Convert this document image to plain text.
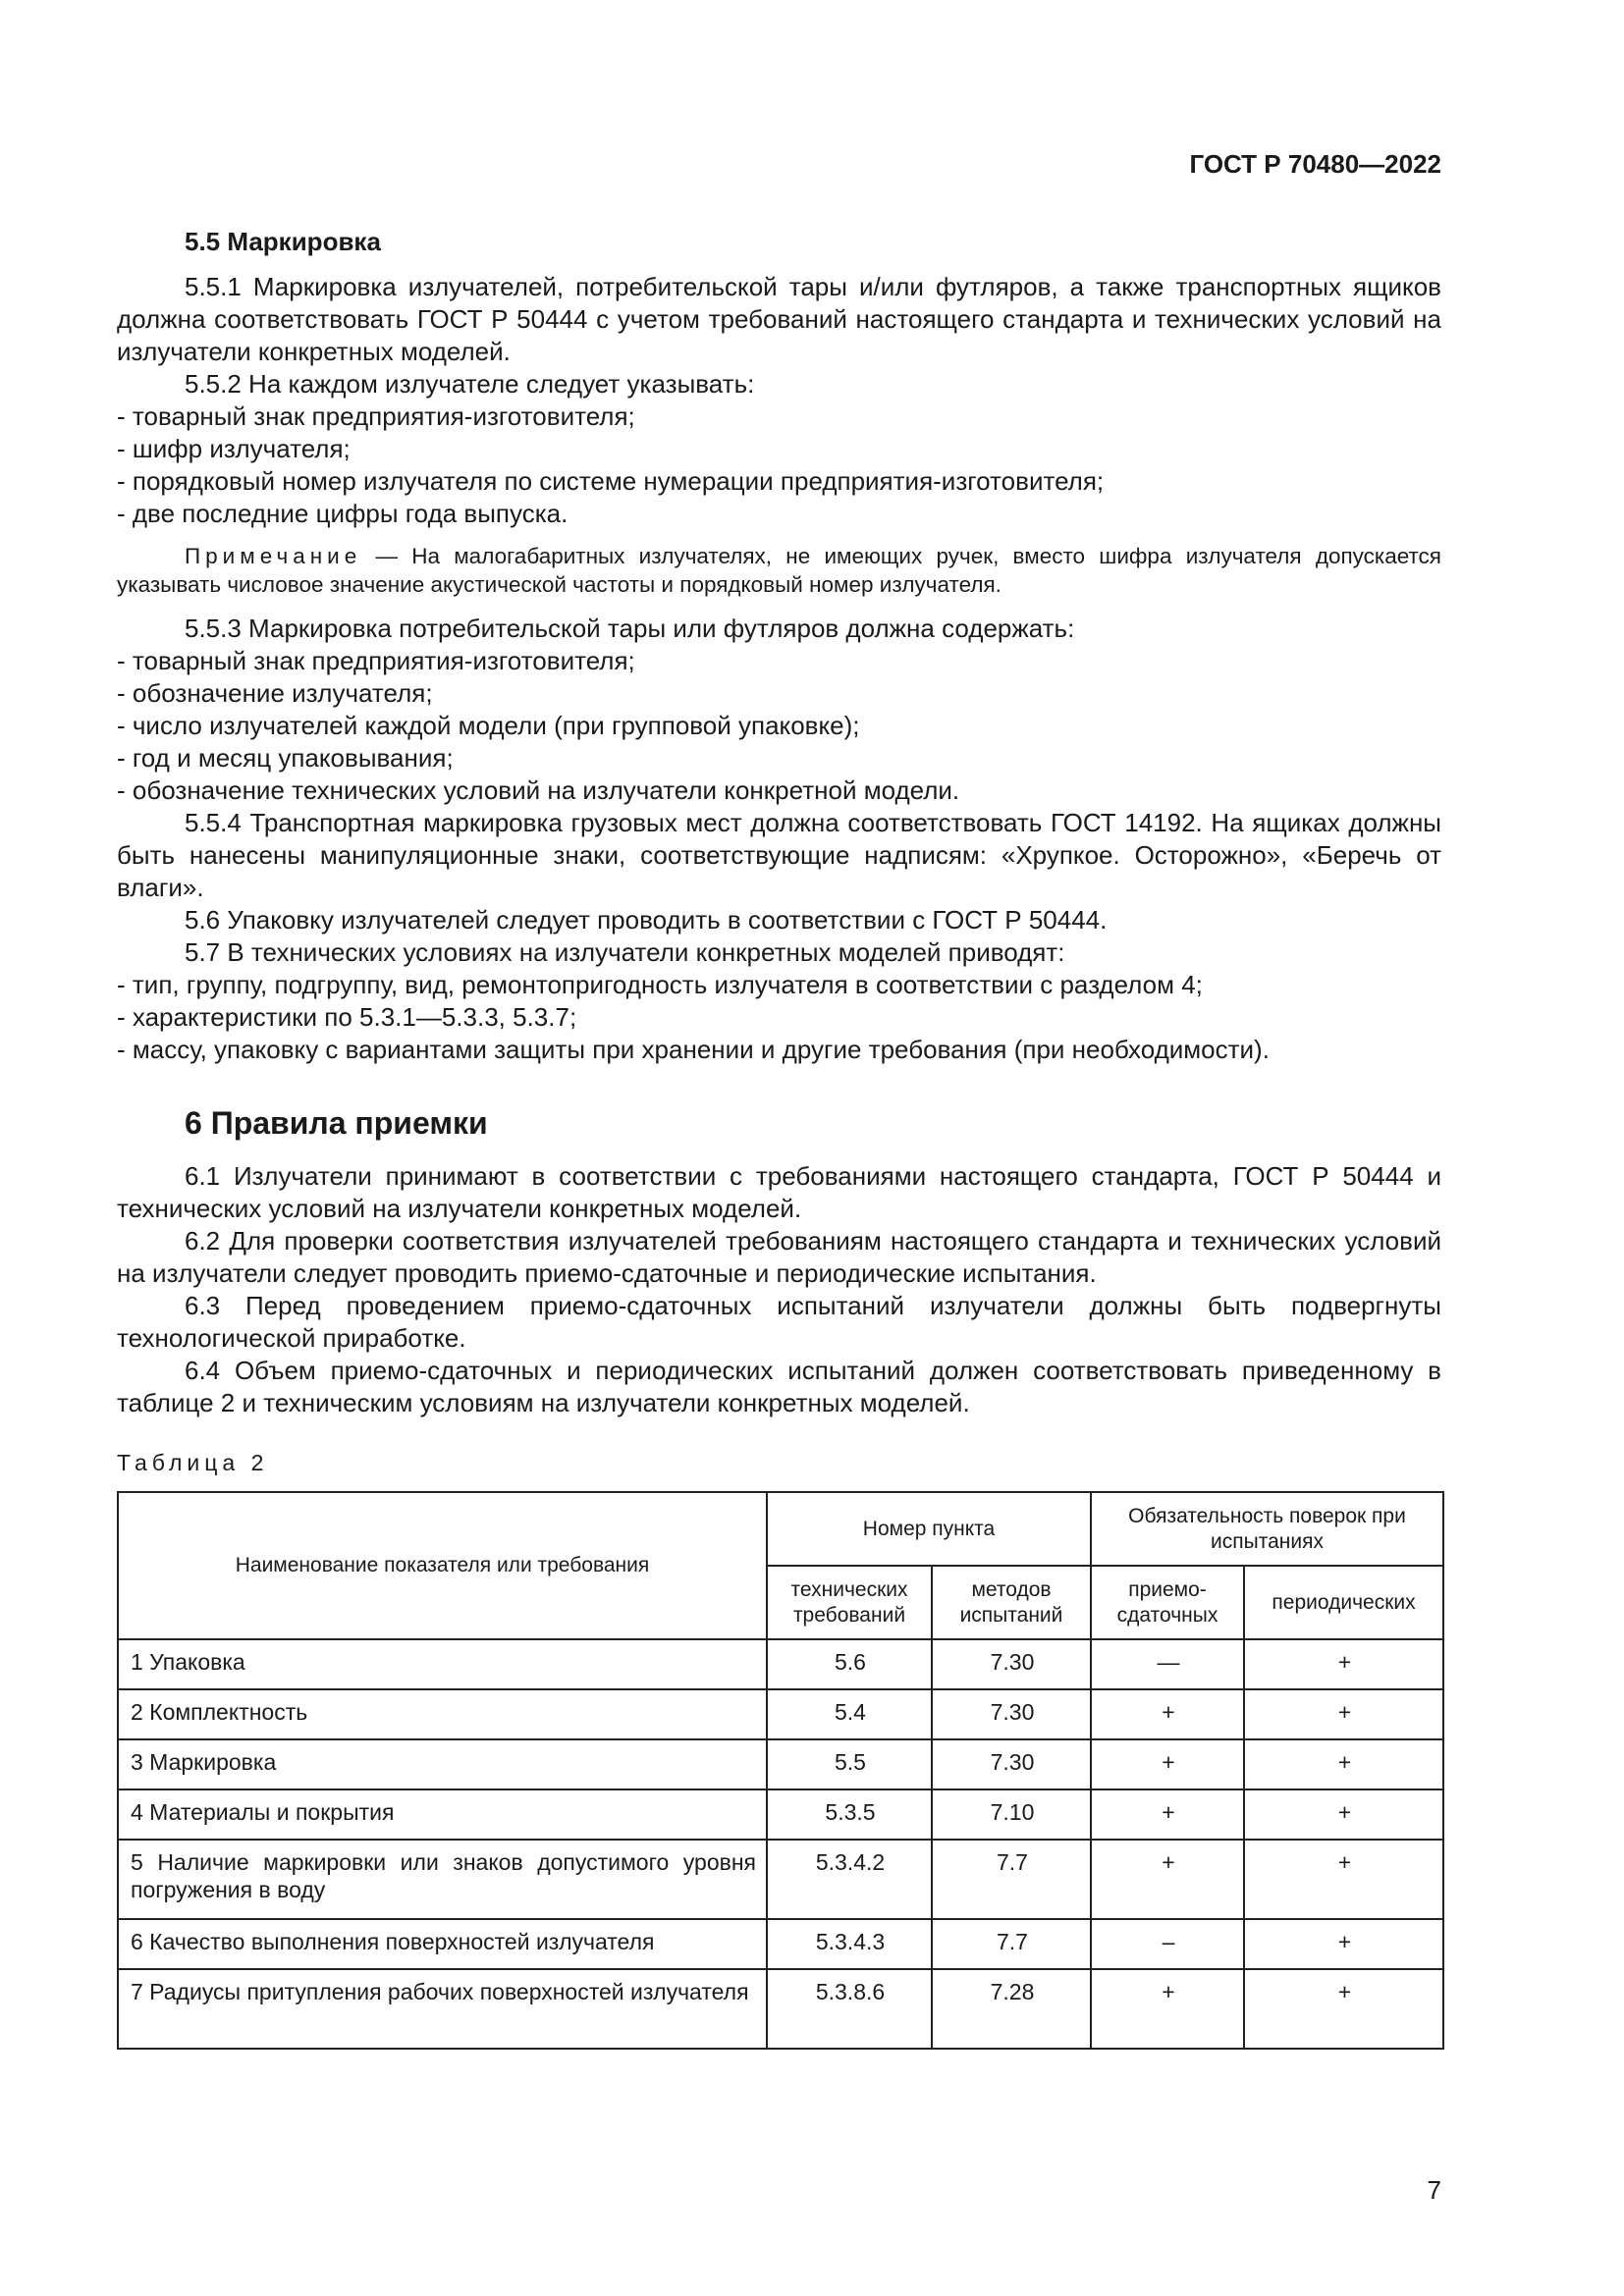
ГОСТ Р 70480—2022
5.5 Маркировка

5.5.1 Маркировка излучателей, потребительской тары и/или футляров, а также транспортных ящиков должна соответствовать ГОСТ Р 50444 с учетом требований настоящего стандарта и технических условий на излучатели конкретных моделей.

5.5.2 На каждом излучателе следует указывать:

- товарный знак предприятия-изготовителя;

- шифр излучателя;

- порядковый номер излучателя по системе нумерации предприятия-изготовителя;

- две последние цифры года выпуска.

Примечание — На малогабаритных излучателях, не имеющих ручек, вместо шифра излучателя допускается указывать числовое значение акустической частоты и порядковый номер излучателя.

5.5.3 Маркировка потребительской тары или футляров должна содержать:

- товарный знак предприятия-изготовителя;

- обозначение излучателя;

- число излучателей каждой модели (при групповой упаковке);

- год и месяц упаковывания;

- обозначение технических условий на излучатели конкретной модели.

5.5.4 Транспортная маркировка грузовых мест должна соответствовать ГОСТ 14192. На ящиках должны быть нанесены манипуляционные знаки, соответствующие надписям: «Хрупкое. Осторожно», «Беречь от влаги».

5.6 Упаковку излучателей следует проводить в соответствии с ГОСТ Р 50444.

5.7 В технических условиях на излучатели конкретных моделей приводят:

- тип, группу, подгруппу, вид, ремонтопригодность излучателя в соответствии с разделом 4;

- характеристики по 5.3.1—5.3.3, 5.3.7;

- массу, упаковку с вариантами защиты при хранении и другие требования (при необходимости).

6 Правила приемки

6.1 Излучатели принимают в соответствии с требованиями настоящего стандарта, ГОСТ Р 50444 и технических условий на излучатели конкретных моделей.

6.2 Для проверки соответствия излучателей требованиям настоящего стандарта и технических условий на излучатели следует проводить приемо-сдаточные и периодические испытания.

6.3 Перед проведением приемо-сдаточных испытаний излучатели должны быть подвергнуты технологической приработке.

6.4 Объем приемо-сдаточных и периодических испытаний должен соответствовать приведенному в таблице 2 и техническим условиям на излучатели конкретных моделей.

Таблица 2
Наименование показателя или требования	Номер пункта		Обязательность поверок при испытаниях	
	технических требований	методов испытаний	приемо-сдаточных	периодических
1 Упаковка	5.6	7.30	—	+
2 Комплектность	5.4	7.30	+	+
3 Маркировка	5.5	7.30	+	+
4 Материалы и покрытия	5.3.5	7.10	+	+
5 Наличие маркировки или знаков допустимого уровня погружения в воду	5.3.4.2	7.7	+	+
6 Качество выполнения поверхностей излучателя	5.3.4.3	7.7	–	+
7 Радиусы притупления рабочих поверхностей излучателя	5.3.8.6	7.28	+	+
7
